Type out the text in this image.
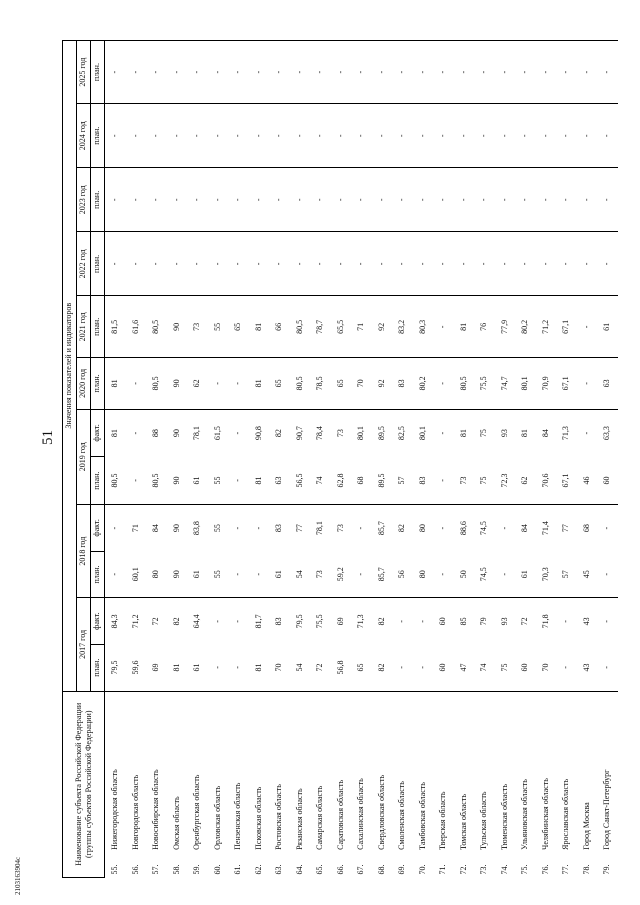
51
2103163904c
Наименование субъекта Российской Федерации (группы субъектов Российской Федерации)		Значения показателей и индикаторов											
		2017 год		2018 год		2019 год		2020 год	2021 год	2022 год	2023 год	2024 год	2025 год
		план.	факт.	план.	факт.	план.	факт.	план.	план.	план.	план.	план.	план.
55.	Нижегородская область	79,5	84,3	-	-	80,5	81	81	81,5	-	-	-	-
56.	Новгородская область	59,6	71,2	60,1	71	-	-	-	61,6	-	-	-	-
57.	Новосибирская область	69	72	80	84	80,5	88	80,5	80,5	-	-	-	-
58.	Омская область	81	82	90	90	90	90	90	90	-	-	-	-
59.	Оренбургская область	61	64,4	61	83,8	61	78,1	62	73	-	-	-	-
60.	Орловская область	-	-	55	55	55	61,5	-	55	-	-	-	-
61.	Пензенская область	-	-	-	-	-	-	-	65	-	-	-	-
62.	Псковская область	81	81,7	-	-	81	90,8	81	81	-	-	-	-
63.	Ростовская область	70	83	61	83	63	82	65	66	-	-	-	-
64.	Рязанская область	54	79,5	54	77	56,5	90,7	80,5	80,5	-	-	-	-
65.	Самарская область	72	75,5	73	78,1	74	78,4	78,5	78,7	-	-	-	-
66.	Саратовская область	56,8	69	59,2	73	62,8	73	65	65,5	-	-	-	-
67.	Сахалинская область	65	71,3	-	-	68	80,1	70	71	-	-	-	-
68.	Свердловская область	82	82	85,7	85,7	89,5	89,5	92	92	-	-	-	-
69.	Смоленская область	-	-	56	82	57	82,5	83	83,2	-	-	-	-
70.	Тамбовская область	-	-	80	80	83	80,1	80,2	80,3	-	-	-	-
71.	Тверская область	60	60	-	-	-	-	-	-	-	-	-	-
72.	Томская область	47	85	50	88,6	73	81	80,5	81	-	-	-	-
73.	Тульская область	74	79	74,5	74,5	75	75	75,5	76	-	-	-	-
74.	Тюменская область	75	93	-	-	72,3	93	74,7	77,9	-	-	-	-
75.	Ульяновская область	60	72	61	84	62	81	80,1	80,2	-	-	-	-
76.	Челябинская область	70	71,8	70,3	71,4	70,6	84	70,9	71,2	-	-	-	-
77.	Ярославская область	-	-	57	77	67,1	71,3	67,1	67,1	-	-	-	-
78.	Город Москва	43	43	45	68	46	-	-	-	-	-	-	-
79.	Город Санкт-Петербург	-	-	-	-	60	63,3	63	61	-	-	-	-
